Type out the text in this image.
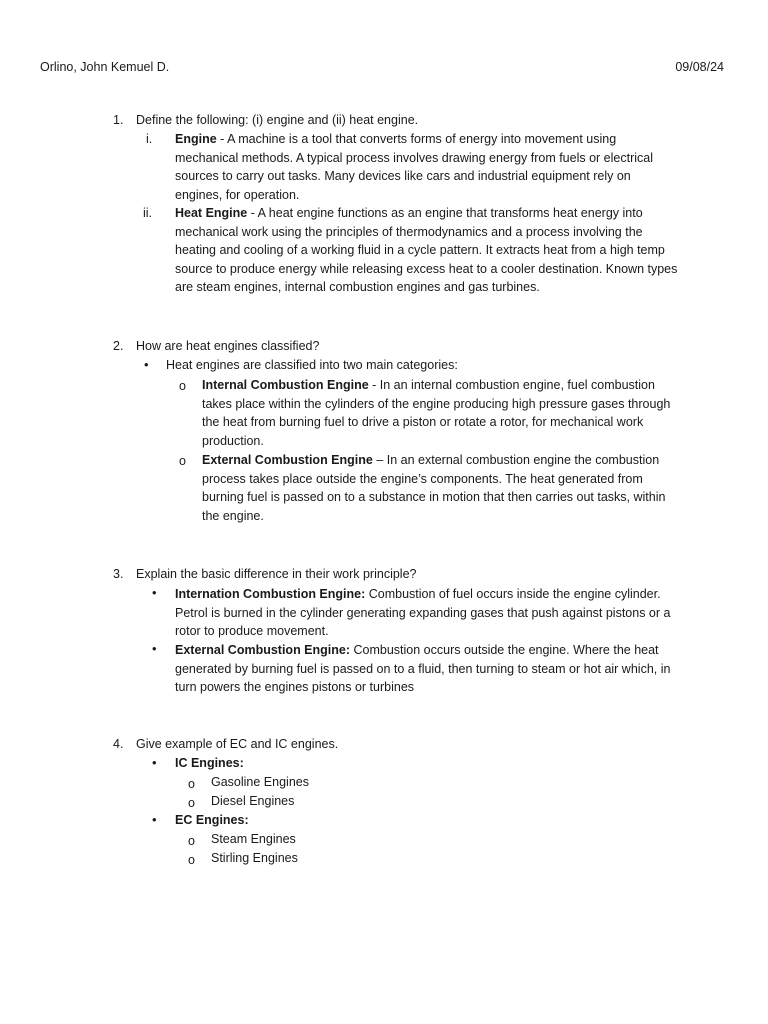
Orlino, John Kemuel D.	09/08/24
1. Define the following: (i) engine and (ii) heat engine.
i. Engine - A machine is a tool that converts forms of energy into movement using mechanical methods. A typical process involves drawing energy from fuels or electrical sources to carry out tasks. Many devices like cars and industrial equipment rely on engines, for operation.
ii. Heat Engine - A heat engine functions as an engine that transforms heat energy into mechanical work using the principles of thermodynamics and a process involving the heating and cooling of a working fluid in a cycle pattern. It extracts heat from a high temp source to produce energy while releasing excess heat to a cooler destination. Known types are steam engines, internal combustion engines and gas turbines.
2. How are heat engines classified?
• Heat engines are classified into two main categories:
o Internal Combustion Engine - In an internal combustion engine, fuel combustion takes place within the cylinders of the engine producing high pressure gases through the heat from burning fuel to drive a piston or rotate a rotor, for mechanical work production.
o External Combustion Engine – In an external combustion engine the combustion process takes place outside the engine’s components. The heat generated from burning fuel is passed on to a substance in motion that then carries out tasks, within the engine.
3. Explain the basic difference in their work principle?
• Internation Combustion Engine: Combustion of fuel occurs inside the engine cylinder. Petrol is burned in the cylinder generating expanding gases that push against pistons or a rotor to produce movement.
• External Combustion Engine: Combustion occurs outside the engine. Where the heat generated by burning fuel is passed on to a fluid, then turning to steam or hot air which, in turn powers the engines pistons or turbines
4. Give example of EC and IC engines.
• IC Engines:
o Gasoline Engines
o Diesel Engines
• EC Engines:
o Steam Engines
o Stirling Engines
